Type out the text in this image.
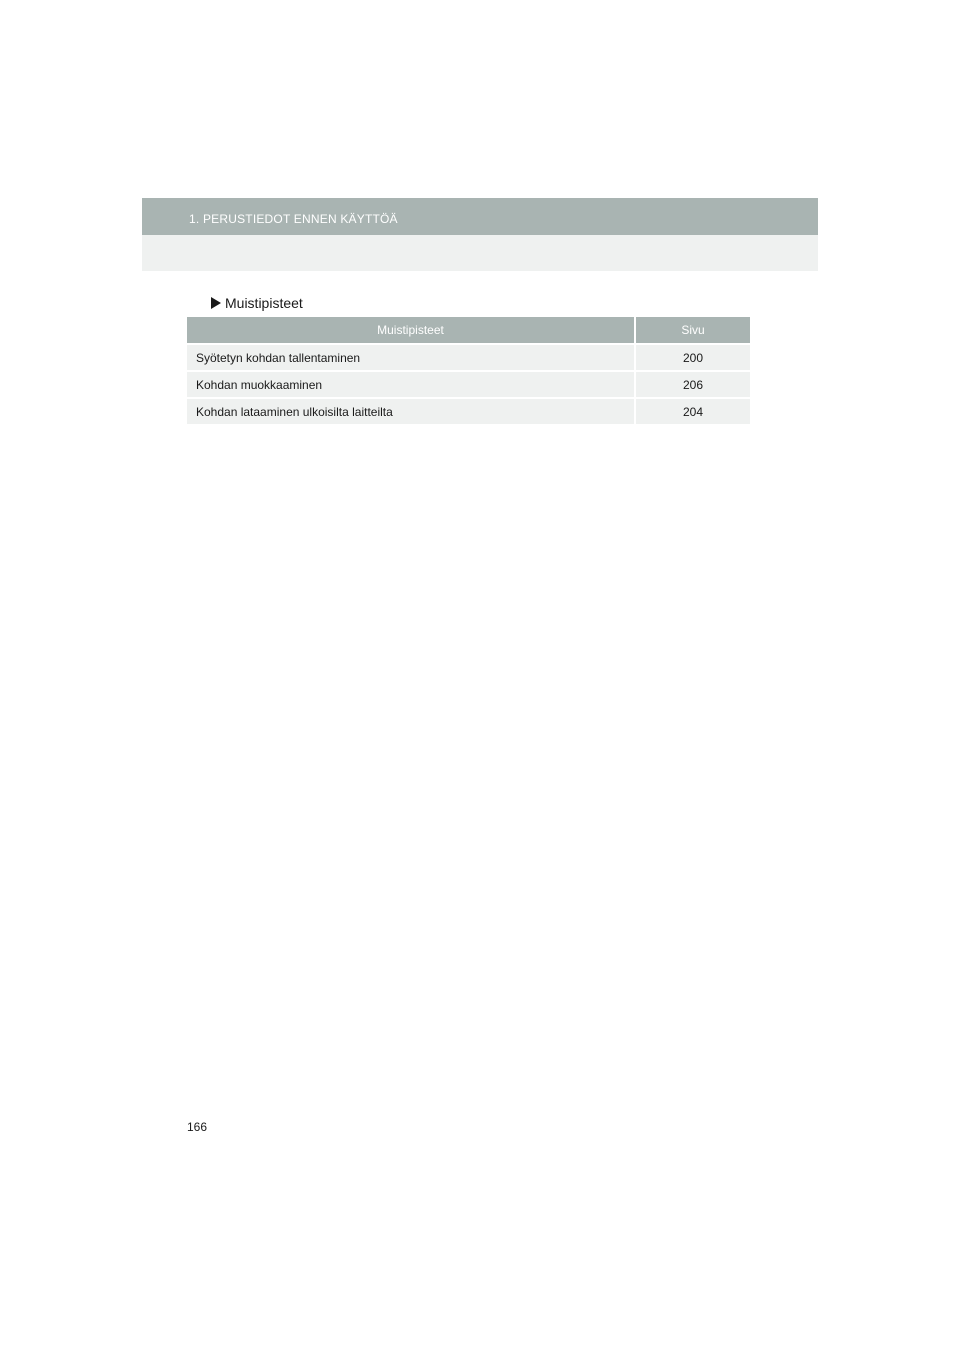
1. PERUSTIEDOT ENNEN KÄYTTÖÄ
Muistipisteet
Muistipisteet	Sivu
Syötetyn kohdan tallentaminen	200
Kohdan muokkaaminen	206
Kohdan lataaminen ulkoisilta laitteilta	204
166
